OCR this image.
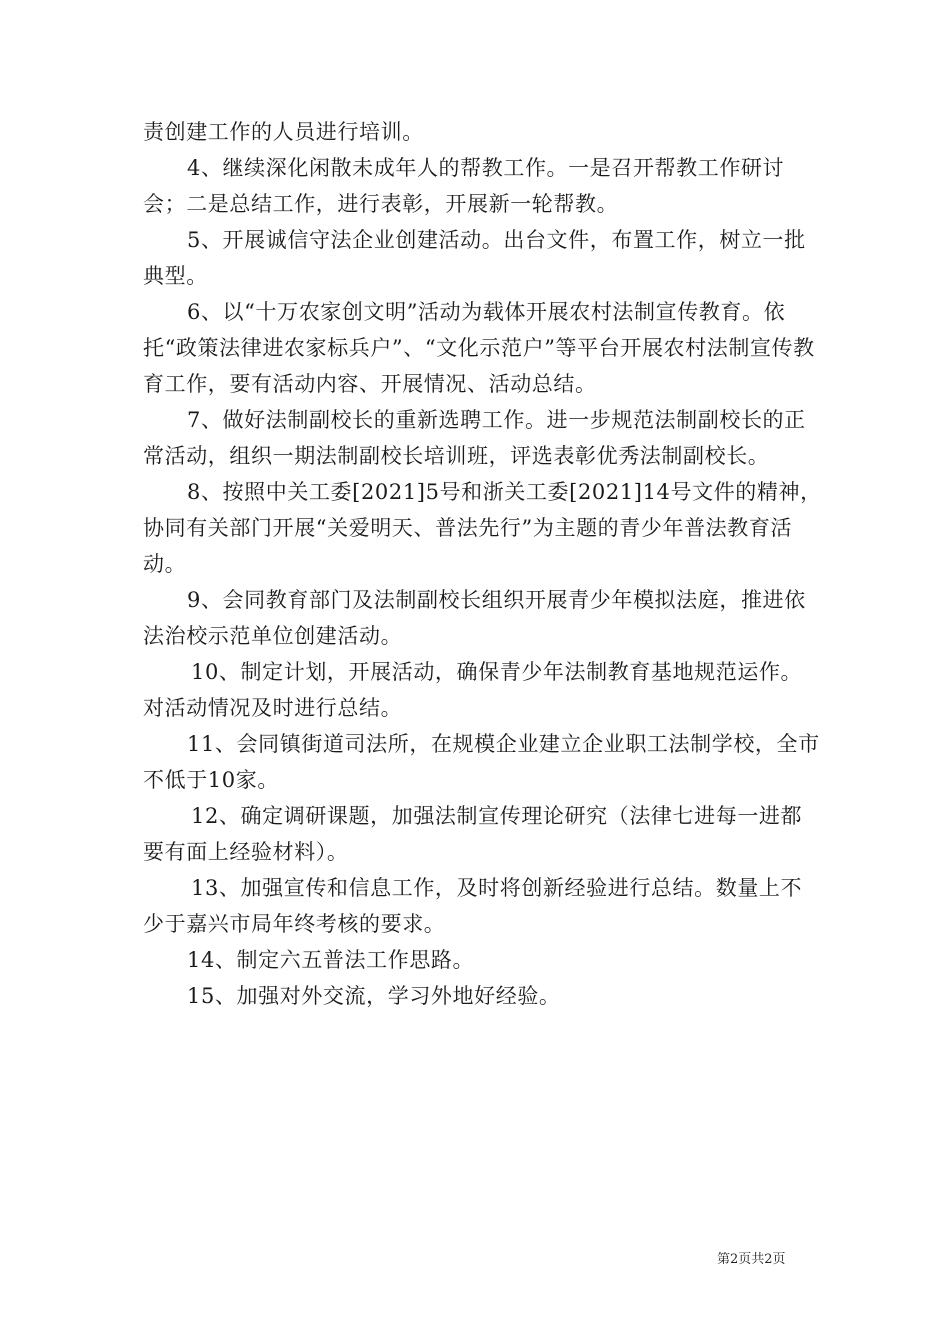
责创建工作的人员进行培训。

4、继续深化闲散未成年人的帮教工作。一是召开帮教工作研讨会；二是总结工作，进行表彰，开展新一轮帮教。

5、开展诚信守法企业创建活动。出台文件，布置工作，树立一批典型。

6、以“十万农家创文明”活动为载体开展农村法制宣传教育。依托“政策法律进农家标兵户”、“文化示范户”等平台开展农村法制宣传教育工作，要有活动内容、开展情况、活动总结。

7、做好法制副校长的重新选聘工作。进一步规范法制副校长的正常活动，组织一期法制副校长培训班，评选表彰优秀法制副校长。

8、按照中关工委[2021]5号和浙关工委[2021]14号文件的精神，协同有关部门开展“关爱明天、普法先行”为主题的青少年普法教育活动。

9、会同教育部门及法制副校长组织开展青少年模拟法庭，推进依法治校示范单位创建活动。

10、制定计划，开展活动，确保青少年法制教育基地规范运作。对活动情况及时进行总结。

11、会同镇街道司法所，在规模企业建立企业职工法制学校，全市不低于10家。

12、确定调研课题，加强法制宣传理论研究（法律七进每一进都要有面上经验材料）。

13、加强宣传和信息工作，及时将创新经验进行总结。数量上不少于嘉兴市局年终考核的要求。

14、制定六五普法工作思路。

15、加强对外交流，学习外地好经验。

第2页共2页
